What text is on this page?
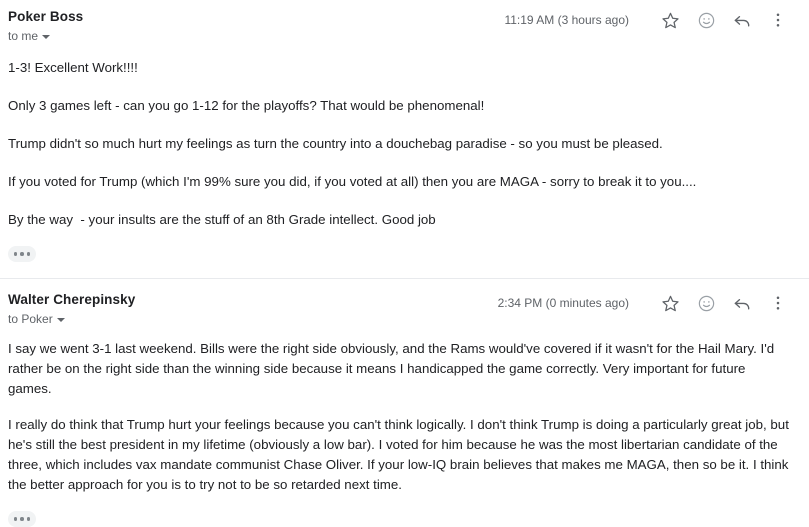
Poker Boss
to me
11:19 AM (3 hours ago)

1-3! Excellent Work!!!!

Only 3 games left - can you go 1-12 for the playoffs? That would be phenomenal!

Trump didn't so much hurt my feelings as turn the country into a douchebag paradise - so you must be pleased.

If you voted for Trump (which I'm 99% sure you did, if you voted at all) then you are MAGA - sorry to break it to you....

By the way  - your insults are the stuff of an 8th Grade intellect. Good job

Walter Cherepinsky
to Poker
2:34 PM (0 minutes ago)

I say we went 3-1 last weekend. Bills were the right side obviously, and the Rams would've covered if it wasn't for the Hail Mary. I'd rather be on the right side than the winning side because it means I handicapped the game correctly. Very important for future games.

I really do think that Trump hurt your feelings because you can't think logically. I don't think Trump is doing a particularly great job, but he's still the best president in my lifetime (obviously a low bar). I voted for him because he was the most libertarian candidate of the three, which includes vax mandate communist Chase Oliver. If your low-IQ brain believes that makes me MAGA, then so be it. I think the better approach for you is to try not to be so retarded next time.
